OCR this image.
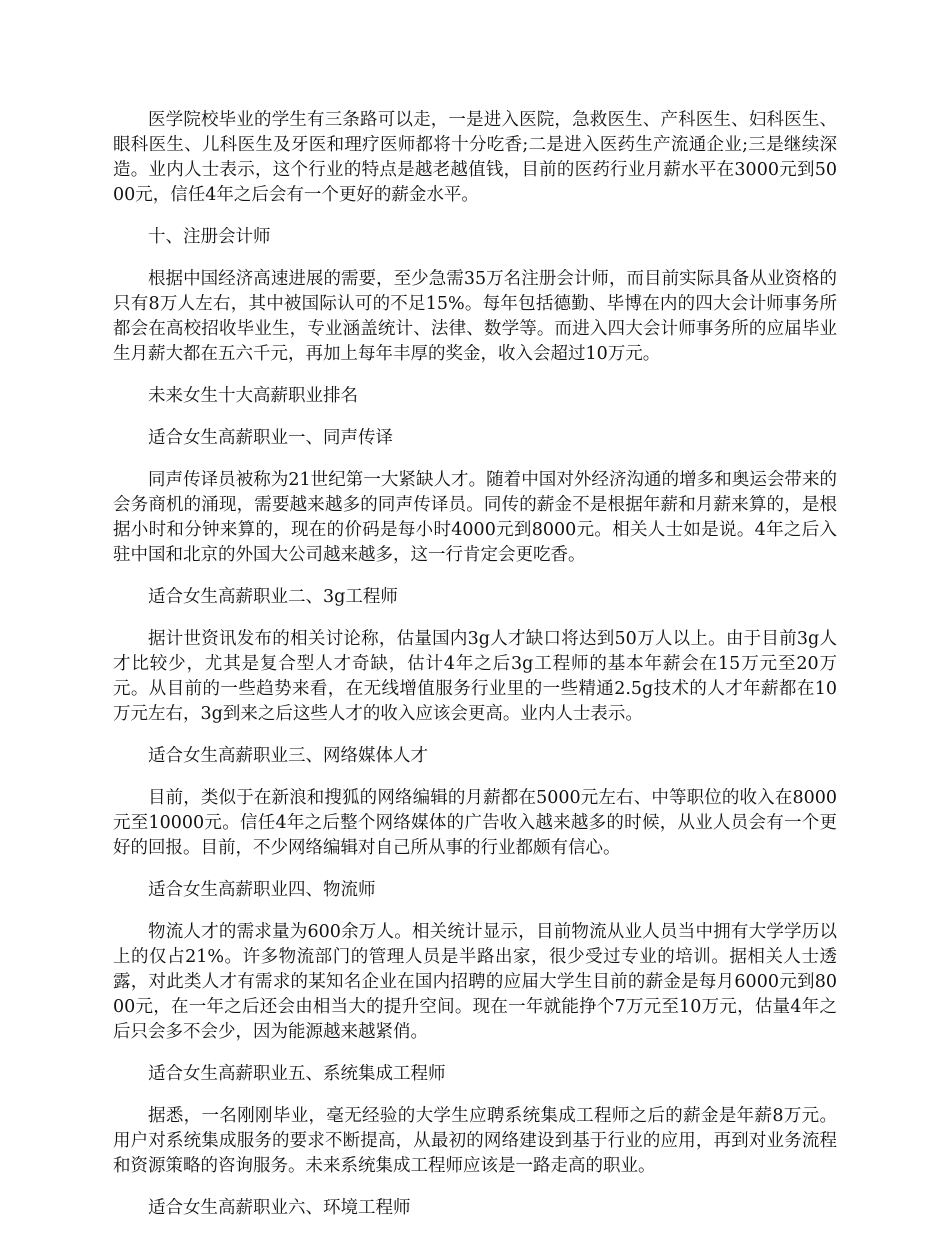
医学院校毕业的学生有三条路可以走，一是进入医院，急救医生、产科医生、妇科医生、眼科医生、儿科医生及牙医和理疗医师都将十分吃香;二是进入医药生产流通企业;三是继续深造。业内人士表示，这个行业的特点是越老越值钱，目前的医药行业月薪水平在3000元到5000元，信任4年之后会有一个更好的薪金水平。

十、注册会计师

根据中国经济高速进展的需要，至少急需35万名注册会计师，而目前实际具备从业资格的只有8万人左右，其中被国际认可的不足15%。每年包括德勤、毕博在内的四大会计师事务所都会在高校招收毕业生，专业涵盖统计、法律、数学等。而进入四大会计师事务所的应届毕业生月薪大都在五六千元，再加上每年丰厚的奖金，收入会超过10万元。

未来女生十大高薪职业排名

适合女生高薪职业一、同声传译

同声传译员被称为21世纪第一大紧缺人才。随着中国对外经济沟通的增多和奥运会带来的会务商机的涌现，需要越来越多的同声传译员。同传的薪金不是根据年薪和月薪来算的，是根据小时和分钟来算的，现在的价码是每小时4000元到8000元。相关人士如是说。4年之后入驻中国和北京的外国大公司越来越多，这一行肯定会更吃香。

适合女生高薪职业二、3g工程师

据计世资讯发布的相关讨论称，估量国内3g人才缺口将达到50万人以上。由于目前3g人才比较少，尤其是复合型人才奇缺，估计4年之后3g工程师的基本年薪会在15万元至20万元。从目前的一些趋势来看，在无线增值服务行业里的一些精通2.5g技术的人才年薪都在10万元左右，3g到来之后这些人才的收入应该会更高。业内人士表示。

适合女生高薪职业三、网络媒体人才

目前，类似于在新浪和搜狐的网络编辑的月薪都在5000元左右、中等职位的收入在8000元至10000元。信任4年之后整个网络媒体的广告收入越来越多的时候，从业人员会有一个更好的回报。目前，不少网络编辑对自己所从事的行业都颇有信心。

适合女生高薪职业四、物流师

物流人才的需求量为600余万人。相关统计显示，目前物流从业人员当中拥有大学学历以上的仅占21%。许多物流部门的管理人员是半路出家，很少受过专业的培训。据相关人士透露，对此类人才有需求的某知名企业在国内招聘的应届大学生目前的薪金是每月6000元到8000元，在一年之后还会由相当大的提升空间。现在一年就能挣个7万元至10万元，估量4年之后只会多不会少，因为能源越来越紧俏。

适合女生高薪职业五、系统集成工程师

据悉，一名刚刚毕业，毫无经验的大学生应聘系统集成工程师之后的薪金是年薪8万元。用户对系统集成服务的要求不断提高，从最初的网络建设到基于行业的应用，再到对业务流程和资源策略的咨询服务。未来系统集成工程师应该是一路走高的职业。

适合女生高薪职业六、环境工程师
